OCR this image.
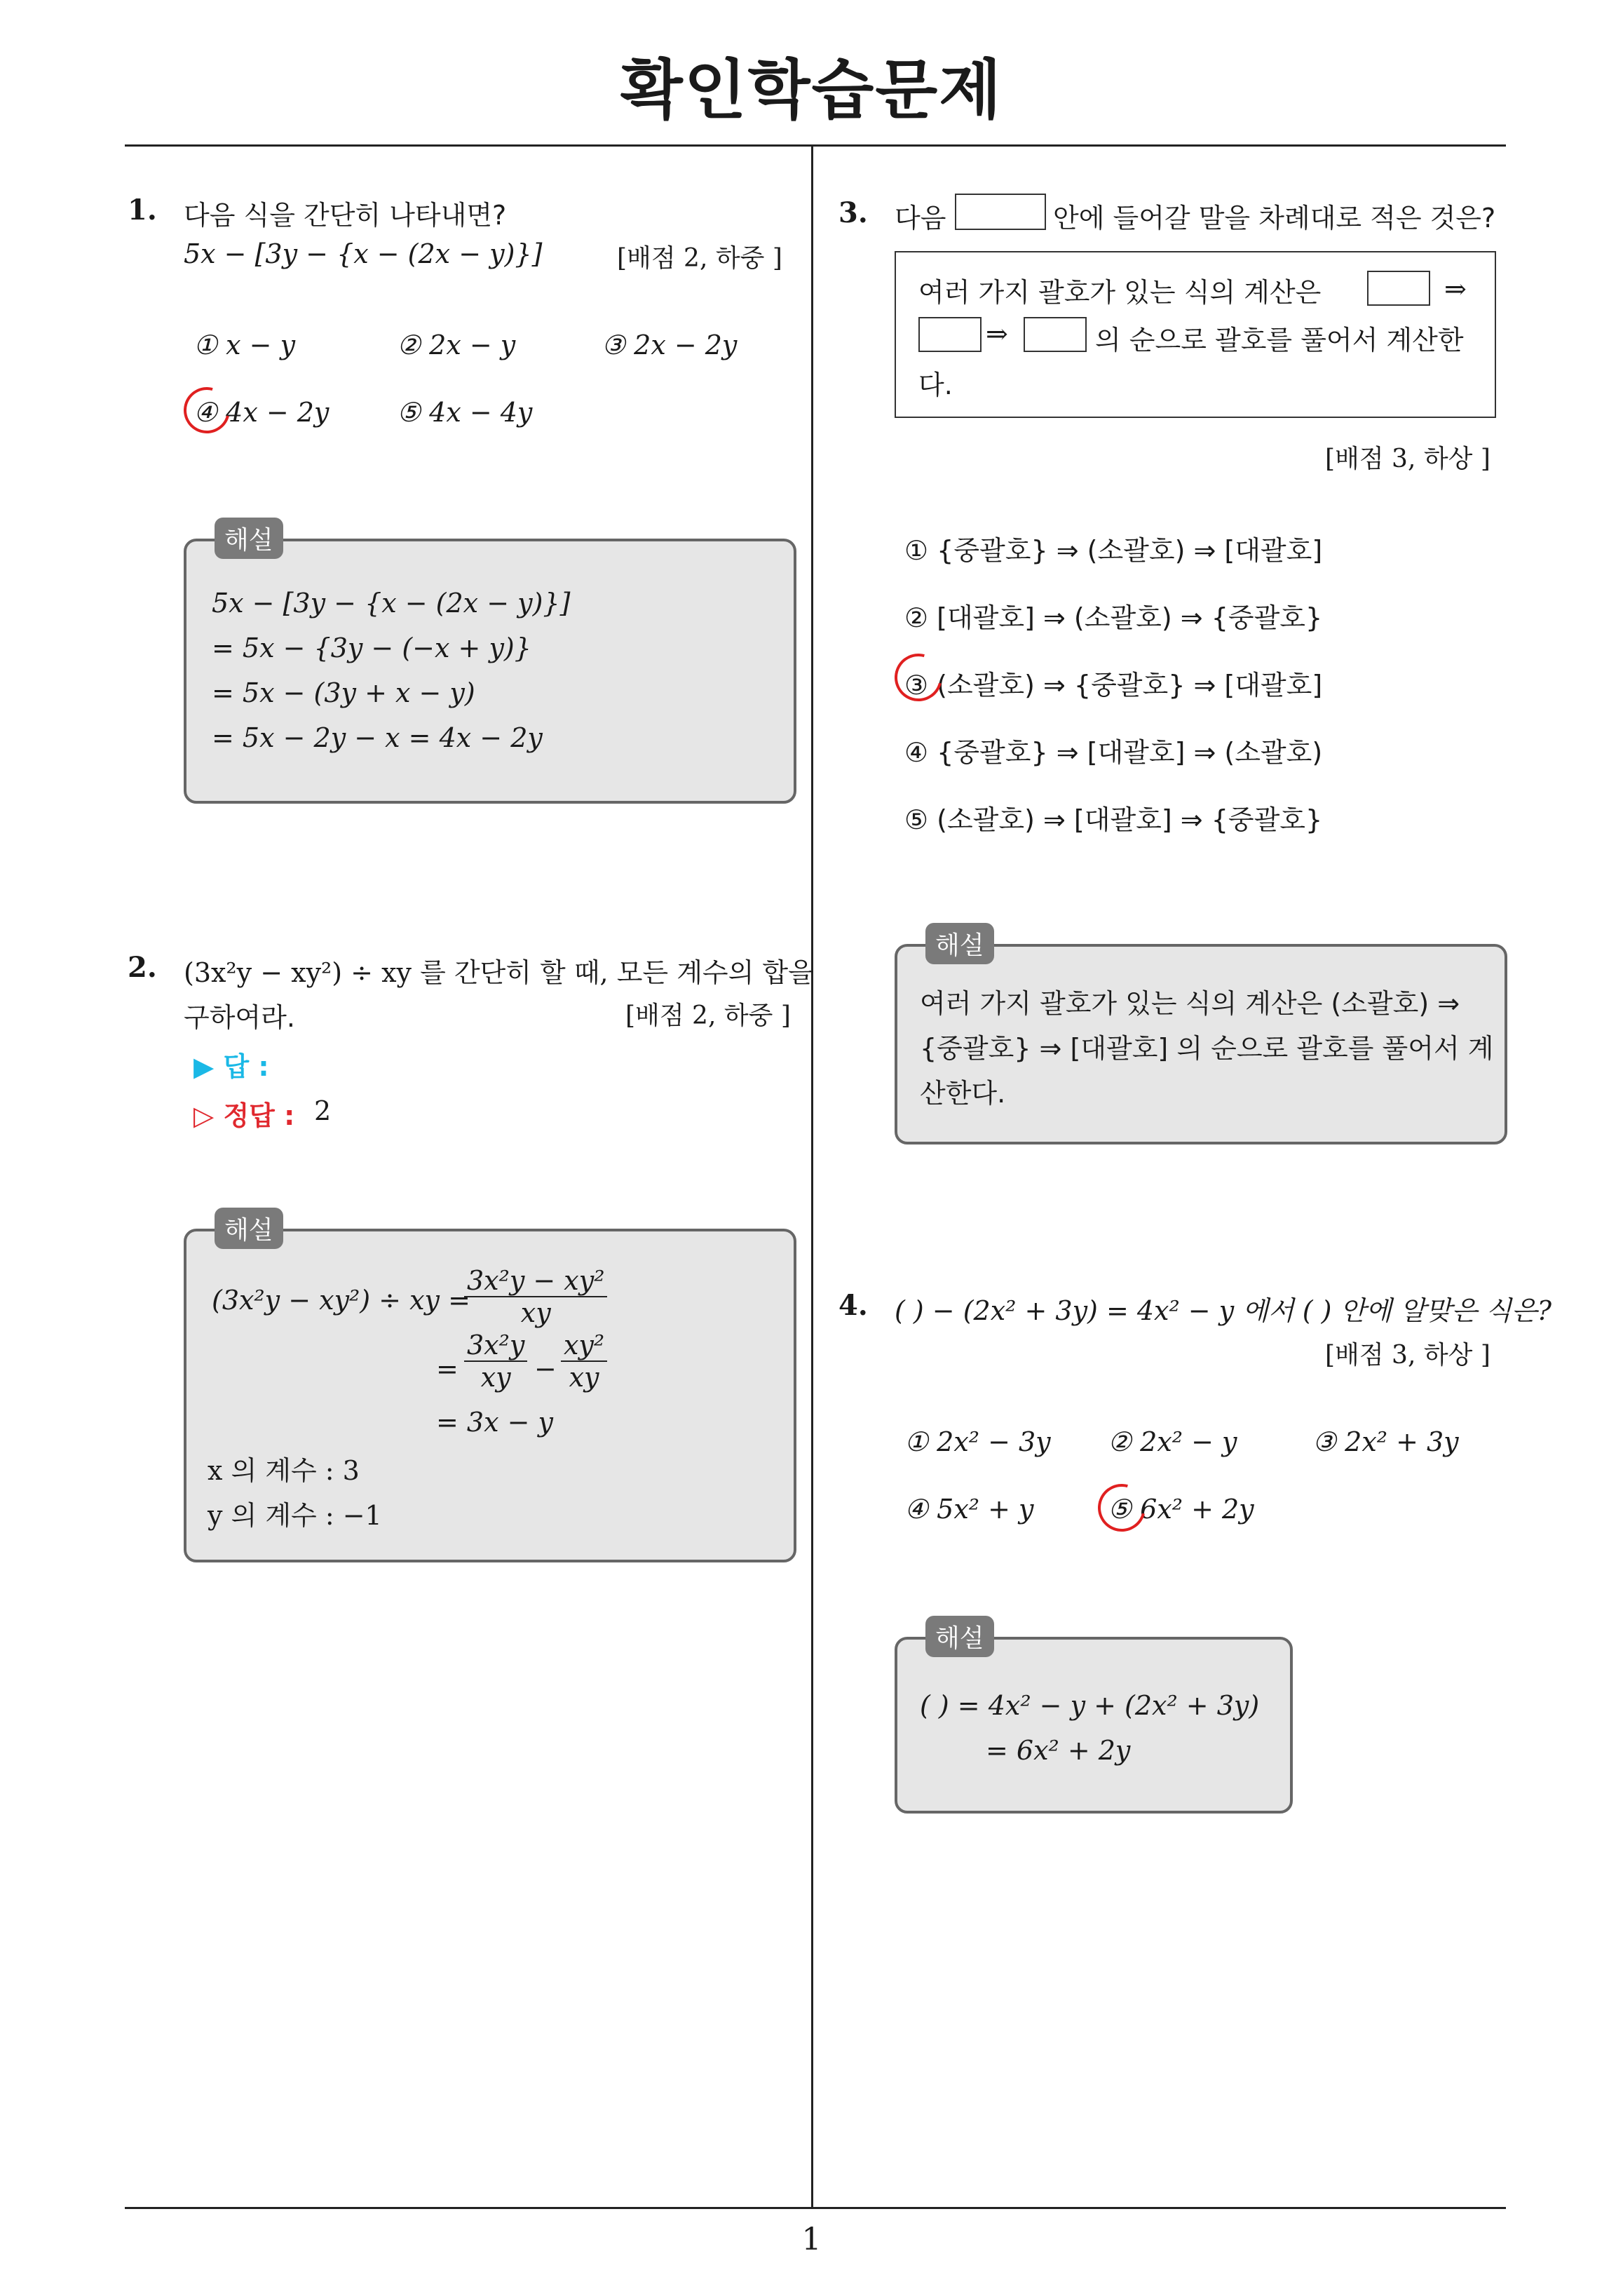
확인학습문제
1
1. 다음 식을 간단히 나타내면?
5x − [3y − {x − (2x − y)}]	[배점 2, 하중 ]
① x − y	② 2x − y	③ 2x − 2y
④ 4x − 2y	⑤ 4x − 4y
해설
5x − [3y − {x − (2x − y)}]
= 5x − {3y − (−x + y)}
= 5x − (3y + x − y)
= 5x − 2y − x = 4x − 2y
2. (3x²y − xy²) ÷ xy 를 간단히 할 때, 모든 계수의 합을
구하여라.	[배점 2, 하중 ]
▶ 답 :
▷ 정답 : 2
해설
(3x²y − xy²) ÷ xy =
$\frac{\text{3x²y − xy²}}{xy}$
= $\frac{\text{3x²y}}{xy} - \frac{\text{xy²}}{xy}$
= 3x − y
x 의 계수 : 3
y 의 계수 : −1
3. 다음	안에 들어갈 말을 차례대로 적은 것은?
여러 가지 괄호가 있는 식의 계산은	⇒
⇒	의 순으로 괄호를 풀어서 계산한
다.
[배점 3, 하상 ]
① {중괄호} ⇒ (소괄호) ⇒ [대괄호]
② [대괄호] ⇒ (소괄호) ⇒ {중괄호}
③ (소괄호) ⇒ {중괄호} ⇒ [대괄호]
④ {중괄호} ⇒ [대괄호] ⇒ (소괄호)
⑤ (소괄호) ⇒ [대괄호] ⇒ {중괄호}
해설
여러 가지 괄호가 있는 식의 계산은 (소괄호) ⇒
{중괄호} ⇒ [대괄호] 의 순으로 괄호를 풀어서 계
산한다.
4. ( ) − (2x² + 3y) = 4x² − y 에서 ( ) 안에 알맞은 식은?
[배점 3, 하상 ]
① 2x² − 3y ② 2x² − y	③ 2x² + 3y
④ 5x² + y	⑤ 6x² + 2y
해설
( ) = 4x² − y + (2x² + 3y)
= 6x² + 2y
